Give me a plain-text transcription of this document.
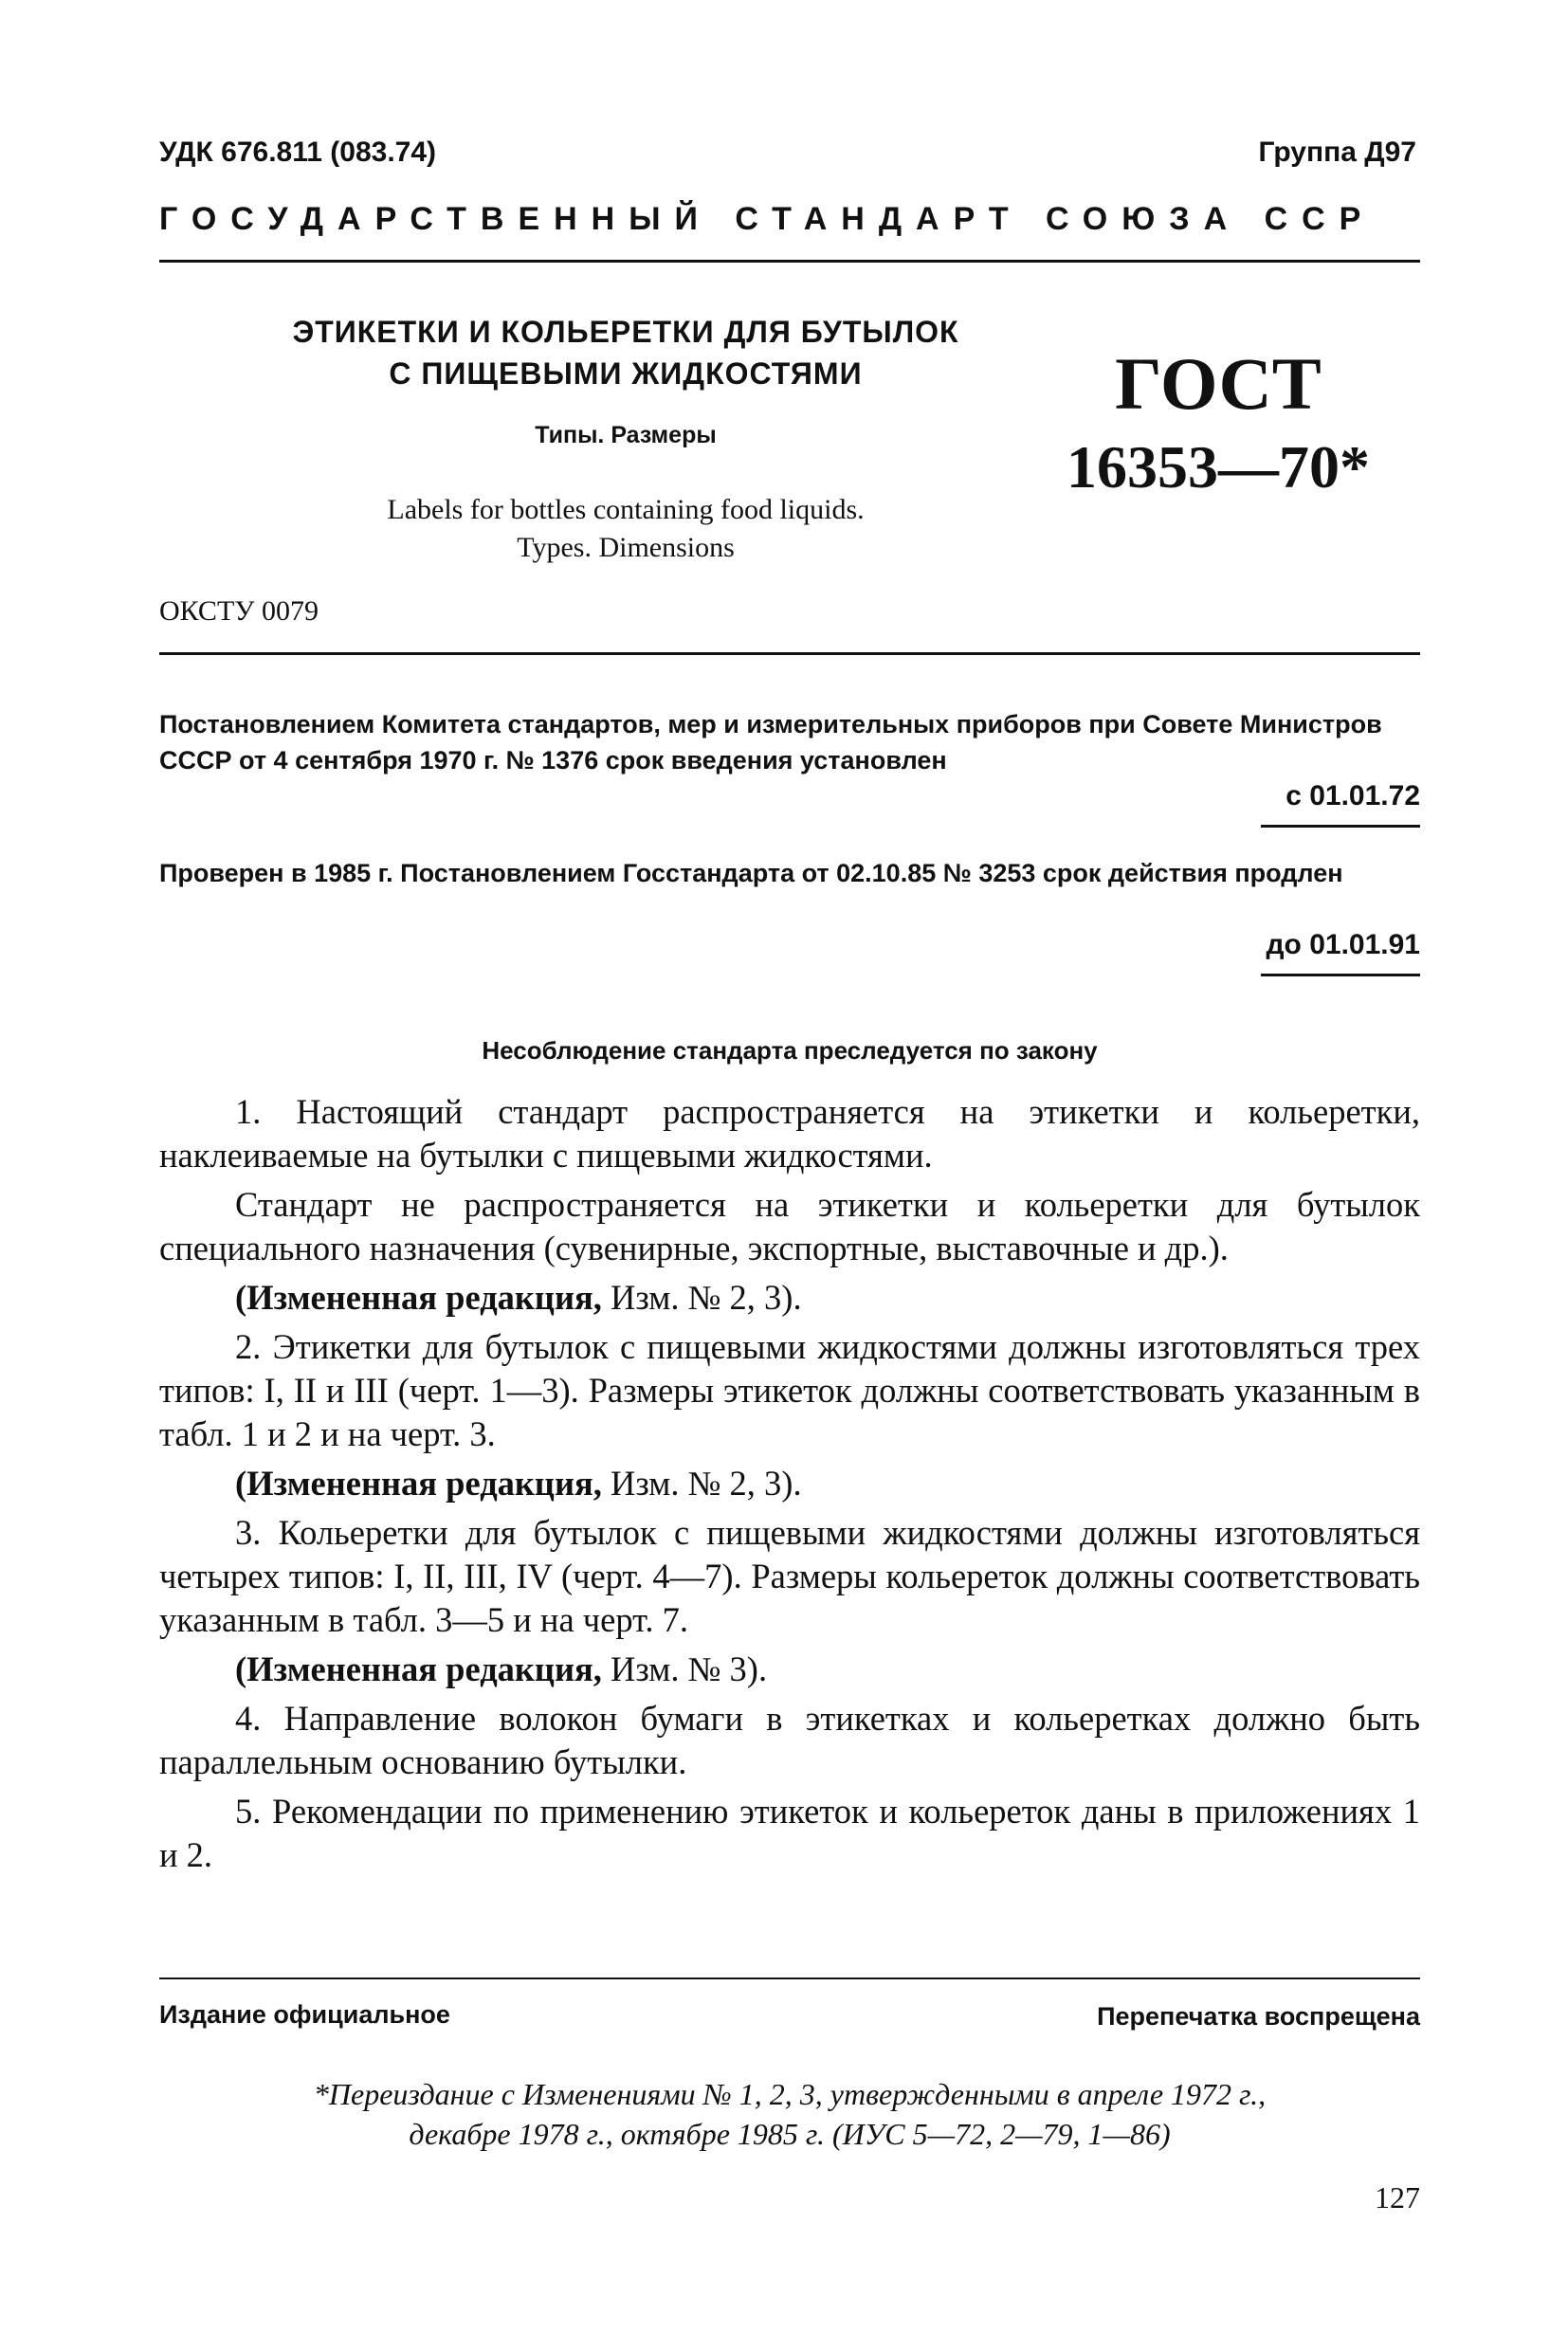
УДК 676.811 (083.74)	Группа Д97
ГОСУДАРСТВЕННЫЙ СТАНДАРТ СОЮЗА ССР
ЭТИКЕТКИ И КОЛЬЕРЕТКИ ДЛЯ БУТЫЛОК
С ПИЩЕВЫМИ ЖИДКОСТЯМИ
Типы. Размеры
Labels for bottles containing food liquids.
Types. Dimensions
ГОСТ
16353—70*
ОКСТУ 0079
Постановлением Комитета стандартов, мер и измерительных приборов при Совете Министров СССР от 4 сентября 1970 г. № 1376 срок введения установлен
с 01.01.72
Проверен в 1985 г. Постановлением Госстандарта от 02.10.85 № 3253 срок действия продлен
до 01.01.91
Несоблюдение стандарта преследуется по закону

1. Настоящий стандарт распространяется на этикетки и кольеретки, наклеиваемые на бутылки с пищевыми жидкостями.

Стандарт не распространяется на этикетки и кольеретки для бутылок специального назначения (сувенирные, экспортные, выставочные и др.).

(Измененная редакция, Изм. № 2, 3).

2. Этикетки для бутылок с пищевыми жидкостями должны изготовляться трех типов: I, II и III (черт. 1—3). Размеры этикеток должны соответствовать указанным в табл. 1 и 2 и на черт. 3.

(Измененная редакция, Изм. № 2, 3).

3. Кольеретки для бутылок с пищевыми жидкостями должны изготовляться четырех типов: I, II, III, IV (черт. 4—7). Размеры кольереток должны соответствовать указанным в табл. 3—5 и на черт. 7.

(Измененная редакция, Изм. № 3).

4. Направление волокон бумаги в этикетках и кольеретках должно быть параллельным основанию бутылки.

5. Рекомендации по применению этикеток и кольереток даны в приложениях 1 и 2.

Издание официальное	Перепечатка воспрещена
*Переиздание с Изменениями № 1, 2, 3, утвержденными в апреле 1972 г.,
декабре 1978 г., октябре 1985 г. (ИУС 5—72, 2—79, 1—86)
127
